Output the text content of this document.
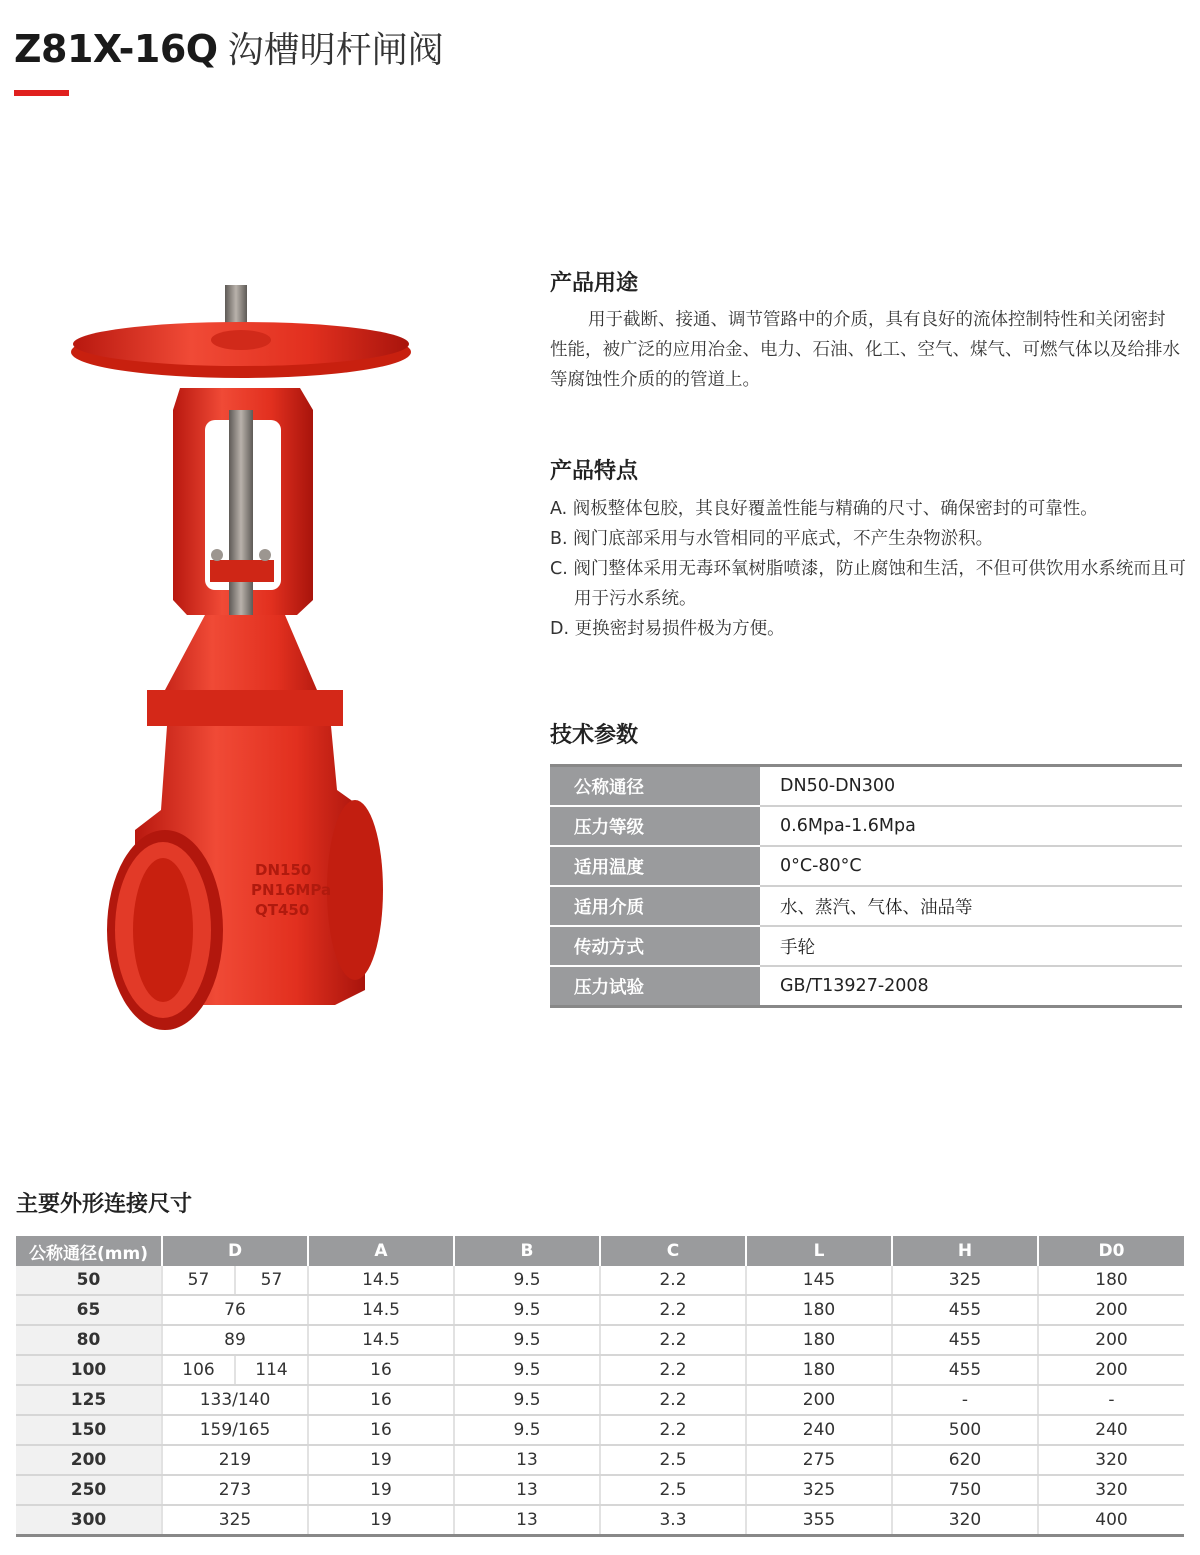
Z81X-16Q 沟槽明杆闸阀
DN150
PN16MPa
QT450
产品用途
用于截断、接通、调节管路中的介质，具有良好的流体控制特性和关闭密封性能，被广泛的应用冶金、电力、石油、化工、空气、煤气、可燃气体以及给排水等腐蚀性介质的的管道上。
产品特点
A. 阀板整体包胶，其良好覆盖性能与精确的尺寸、确保密封的可靠性。
B. 阀门底部采用与水管相同的平底式，不产生杂物淤积。
C. 阀门整体采用无毒环氧树脂喷漆，防止腐蚀和生活，不但可供饮用水系统而且可用于污水系统。
D. 更换密封易损件极为方便。
技术参数
公称通径	DN50-DN300
压力等级	0.6Mpa-1.6Mpa
适用温度	0°C-80°C
适用介质	水、蒸汽、气体、油品等
传动方式	手轮
压力试验	GB/T13927-2008
主要外形连接尺寸
公称通径(mm)	D		A	B	C	L	H	D0
50	57	57	14.5	9.5	2.2	145	325	180
65	76		14.5	9.5	2.2	180	455	200
80	89		14.5	9.5	2.2	180	455	200
100	106	114	16	9.5	2.2	180	455	200
125	133/140		16	9.5	2.2	200	-	-
150	159/165		16	9.5	2.2	240	500	240
200	219		19	13	2.5	275	620	320
250	273		19	13	2.5	325	750	320
300	325		19	13	3.3	355	320	400
